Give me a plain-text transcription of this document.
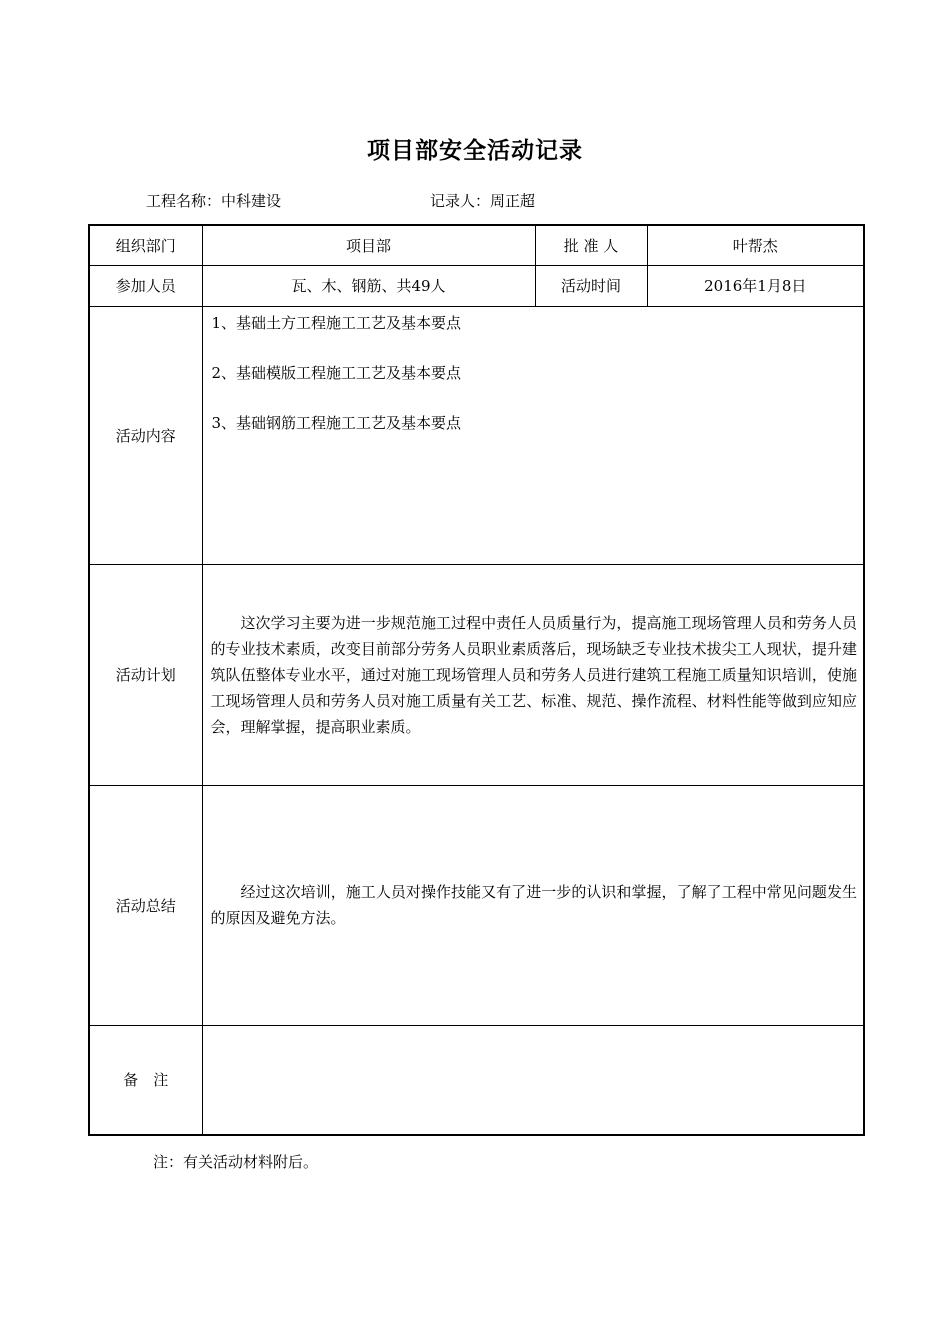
项目部安全活动记录
工程名称：中科建设	记录人：周正超
组织部门	项目部	批 准 人	叶帮杰
参加人员	瓦、木、钢筋、共49人	活动时间	2016年1月8日
活动内容	1、基础土方工程施工工艺及基本要点

2、基础模版工程施工工艺及基本要点

3、基础钢筋工程施工工艺及基本要点		

活动计划	这次学习主要为进一步规范施工过程中责任人员质量行为，提高施工现场管理人员和劳务人员的专业技术素质，改变目前部分劳务人员职业素质落后，现场缺乏专业技术拔尖工人现状，提升建筑队伍整体专业水平，通过对施工现场管理人员和劳务人员进行建筑工程施工质量知识培训，使施工现场管理人员和劳务人员对施工质量有关工艺、标准、规范、操作流程、材料性能等做到应知应会，理解掌握，提高职业素质。		

活动总结	经过这次培训，施工人员对操作技能又有了进一步的认识和掌握，了解了工程中常见问题发生的原因及避免方法。		

备　注			
注：有关活动材料附后。
